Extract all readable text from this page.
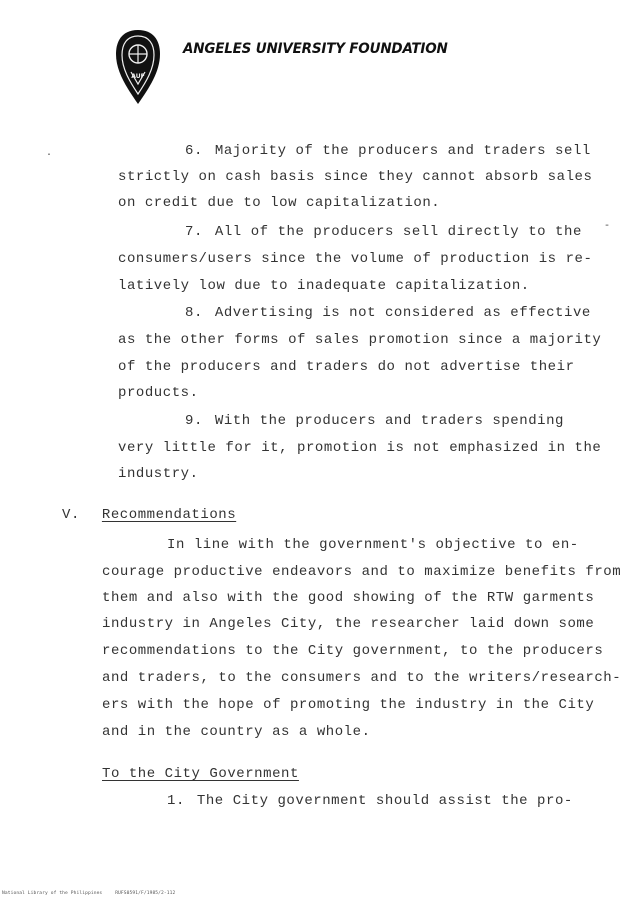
AUF
ANGELES UNIVERSITY FOUNDATION
6. Majority of the producers and traders sell
strictly on cash basis since they cannot absorb sales
on credit due to low capitalization.
7. All of the producers sell directly to the
consumers/users since the volume of production is re-
latively low due to inadequate capitalization.
8. Advertising is not considered as effective
as the other forms of sales promotion since a majority
of the producers and traders do not advertise their
products.
9. With the producers and traders spending
very little for it, promotion is not emphasized in the
industry.
V. Recommendations
In line with the government's objective to en-
courage productive endeavors and to maximize benefits from
them and also with the good showing of the RTW garments
industry in Angeles City, the researcher laid down some
recommendations to the City government, to the producers
and traders, to the consumers and to the writers/research-
ers with the hope of promoting the industry in the City
and in the country as a whole.
To the City Government
1. The City government should assist the pro-
.
-
National Library of the Philippines	RUFS0591/F/1985/2-112
